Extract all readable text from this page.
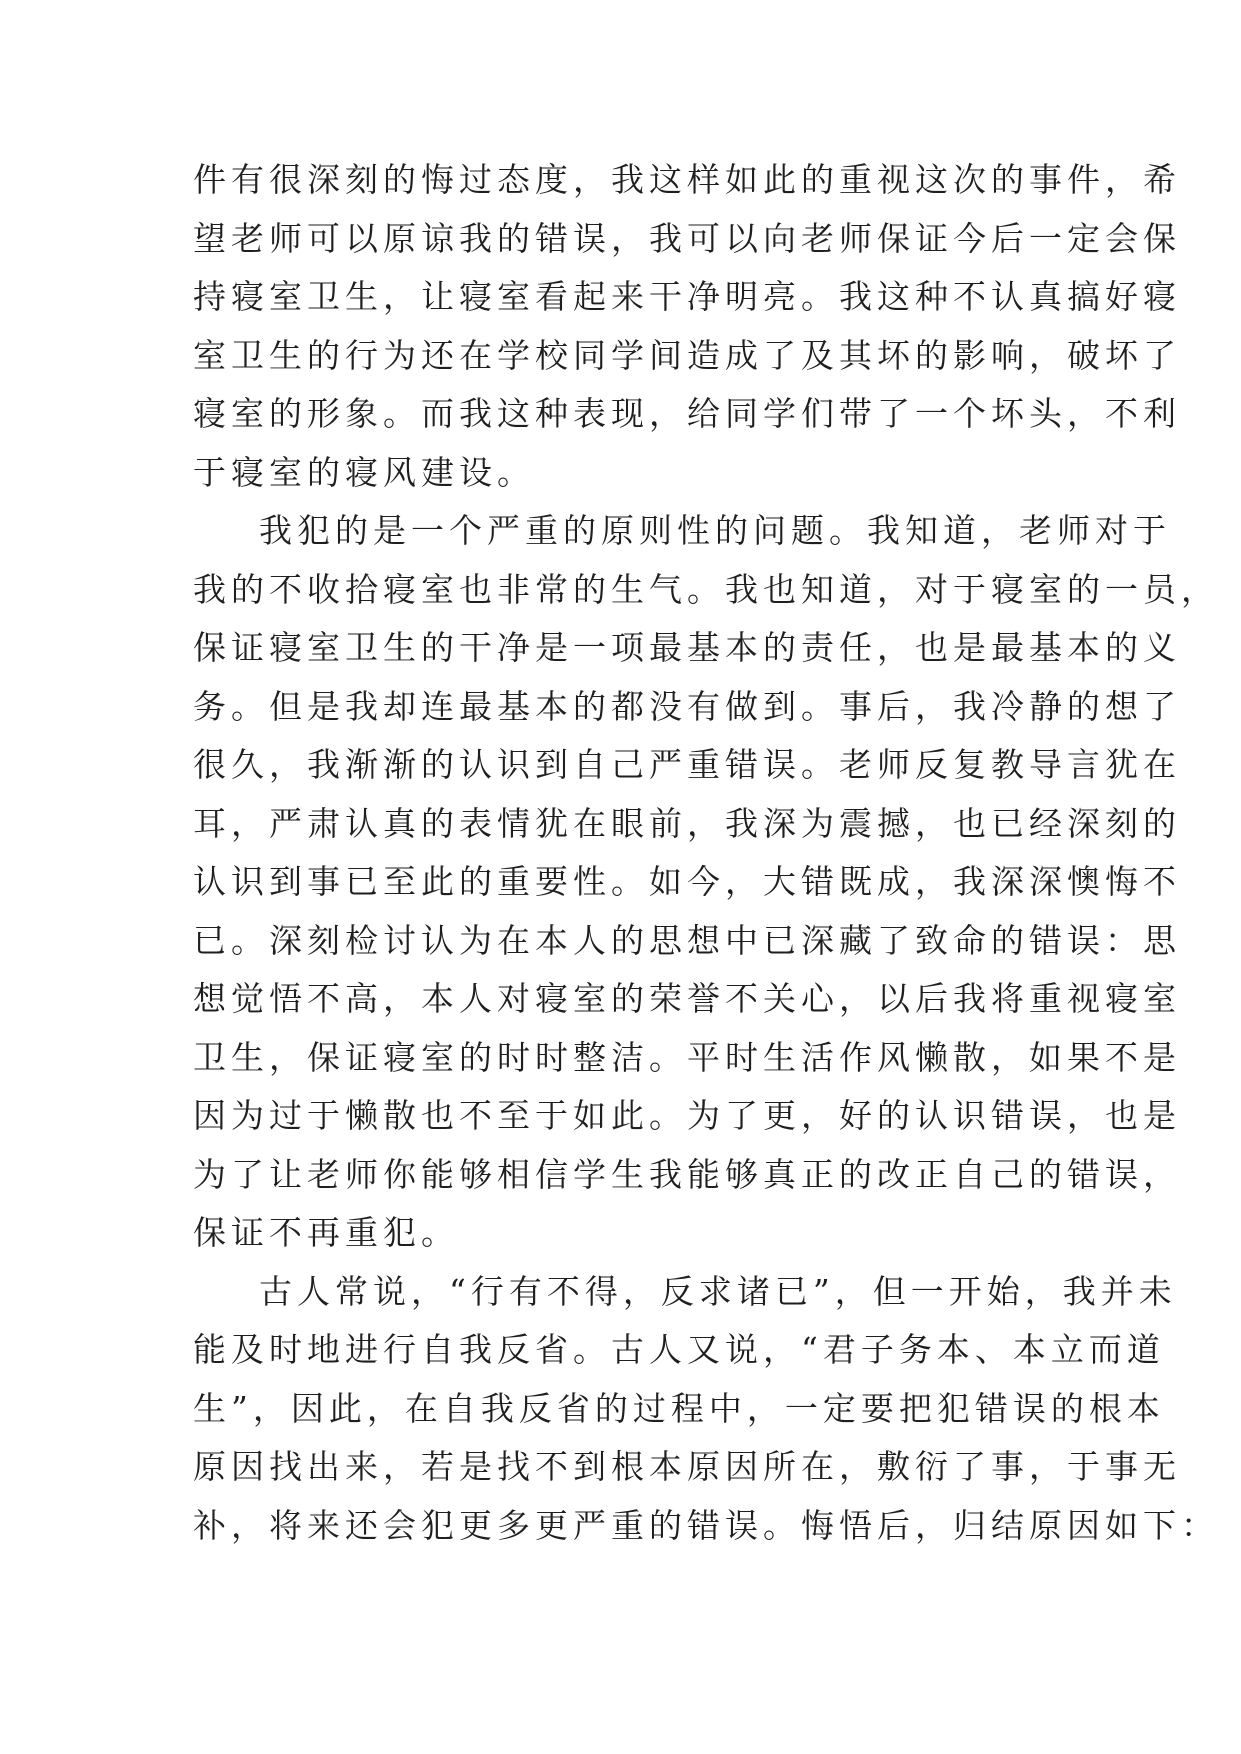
件有很深刻的悔过态度，我这样如此的重视这次的事件，希
望老师可以原谅我的错误，我可以向老师保证今后一定会保
持寝室卫生，让寝室看起来干净明亮。我这种不认真搞好寝
室卫生的行为还在学校同学间造成了及其坏的影响，破坏了
寝室的形象。而我这种表现，给同学们带了一个坏头，不利
于寝室的寝风建设。
我犯的是一个严重的原则性的问题。我知道，老师对于
我的不收拾寝室也非常的生气。我也知道，对于寝室的一员，
保证寝室卫生的干净是一项最基本的责任，也是最基本的义
务。但是我却连最基本的都没有做到。事后，我冷静的想了
很久，我渐渐的认识到自己严重错误。老师反复教导言犹在
耳，严肃认真的表情犹在眼前，我深为震撼，也已经深刻的
认识到事已至此的重要性。如今，大错既成，我深深懊悔不
已。深刻检讨认为在本人的思想中已深藏了致命的错误：思
想觉悟不高，本人对寝室的荣誉不关心，以后我将重视寝室
卫生，保证寝室的时时整洁。平时生活作风懒散，如果不是
因为过于懒散也不至于如此。为了更，好的认识错误，也是
为了让老师你能够相信学生我能够真正的改正自己的错误，
保证不再重犯。
古人常说，“行有不得，反求诸已”，但一开始，我并未
能及时地进行自我反省。古人又说，“君子务本、本立而道
生”，因此，在自我反省的过程中，一定要把犯错误的根本
原因找出来，若是找不到根本原因所在，敷衍了事，于事无
补，将来还会犯更多更严重的错误。悔悟后，归结原因如下：
